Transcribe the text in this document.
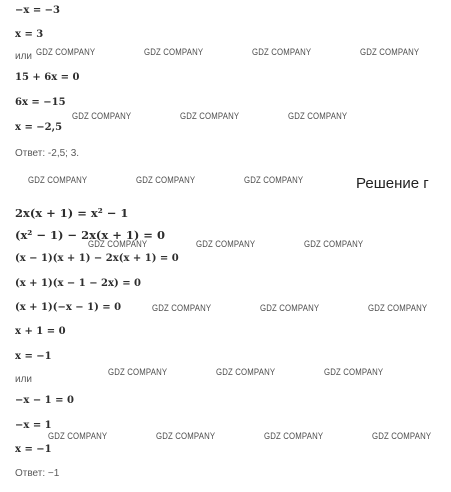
−x = −3
x = 3
или
15 + 6x = 0
6x = −15
x = −2,5
Ответ: -2,5; 3.
Решение г
2x(x + 1) = x² − 1
(x² − 1) − 2x(x + 1) = 0
(x − 1)(x + 1) − 2x(x + 1) = 0
(x + 1)(x − 1 − 2x) = 0
(x + 1)(−x − 1) = 0
x + 1 = 0
x = −1
или
−x − 1 = 0
−x = 1
x = −1
Ответ: −1
GDZ COMPANY	GDZ COMPANY	GDZ COMPANY	GDZ COMPANY
GDZ COMPANY	GDZ COMPANY	GDZ COMPANY
GDZ COMPANY	GDZ COMPANY	GDZ COMPANY
GDZ COMPANY	GDZ COMPANY	GDZ COMPANY
GDZ COMPANY	GDZ COMPANY	GDZ COMPANY
GDZ COMPANY	GDZ COMPANY	GDZ COMPANY
GDZ COMPANY	GDZ COMPANY	GDZ COMPANY	GDZ COMPANY
